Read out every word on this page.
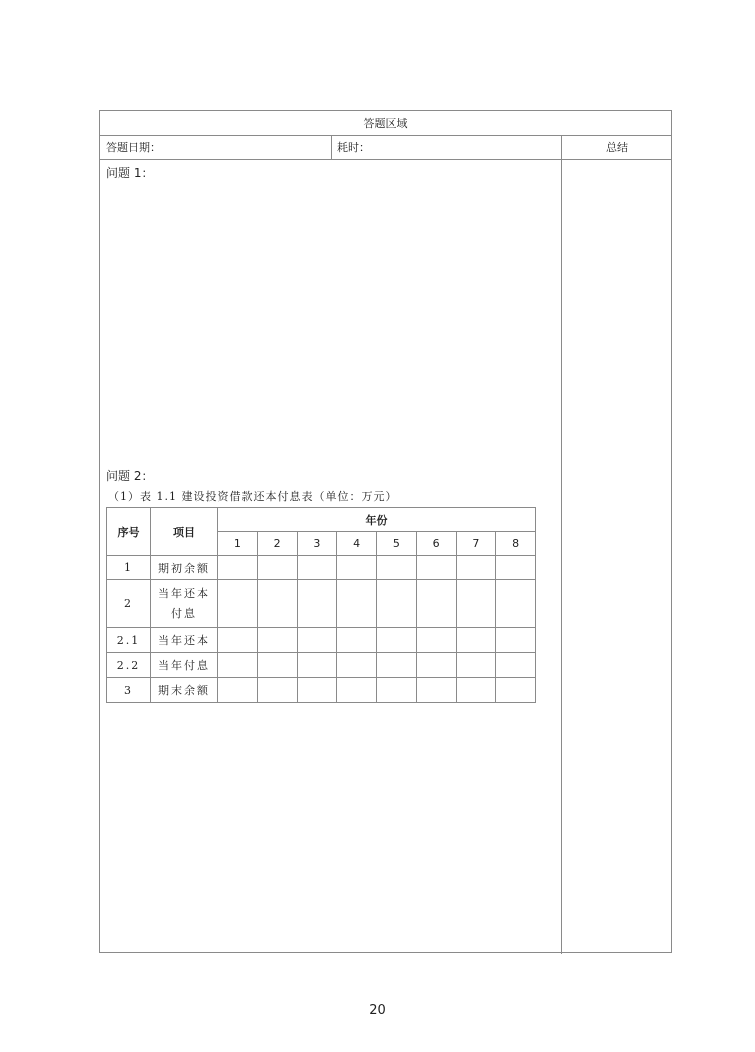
答题区域
答题日期：	耗时：	总结
问题 1：
问题 2：
（1）表 1.1 建设投资借款还本付息表（单位：万元）
序号	项目	年份							
		1	2	3	4	5	6	7	8
1	期初余额								
2	当年还本
付息								

2.1	当年还本								
2.2	当年付息								
3	期末余额								
20
